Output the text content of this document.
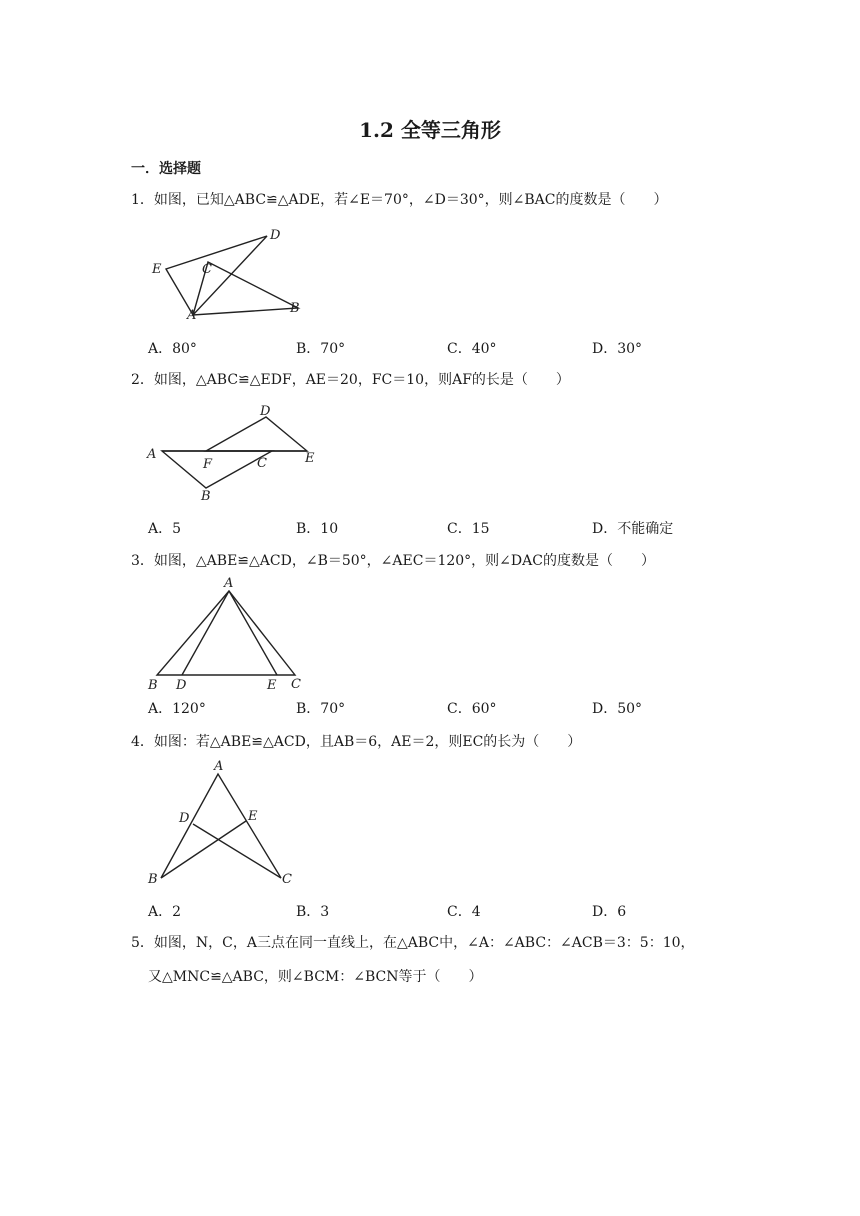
1.2 全等三角形
一．选择题
1．如图，已知△ABC≌△ADE，若∠E＝70°，∠D＝30°，则∠BAC的度数是（　　）
E
D
C
A	B
A．80°	B．70°	C．40°	D．30°
2．如图，△ABC≌△EDF，AE＝20，FC＝10，则AF的长是（　　）
A
D
F	C	E
B
A．5	B．10	C．15	D．不能确定
3．如图，△ABE≌△ACD，∠B＝50°，∠AEC＝120°，则∠DAC的度数是（　　）
A
B D	E C
A．120°	B．70°	C．60°	D．50°
4．如图：若△ABE≌△ACD，且AB＝6，AE＝2，则EC的长为（　　）
A
D	E
B	C
A．2	B．3	C．4	D．6
5．如图，N，C，A三点在同一直线上，在△ABC中，∠A：∠ABC：∠ACB＝3：5：10，
又△MNC≌△ABC，则∠BCM：∠BCN等于（　　）
